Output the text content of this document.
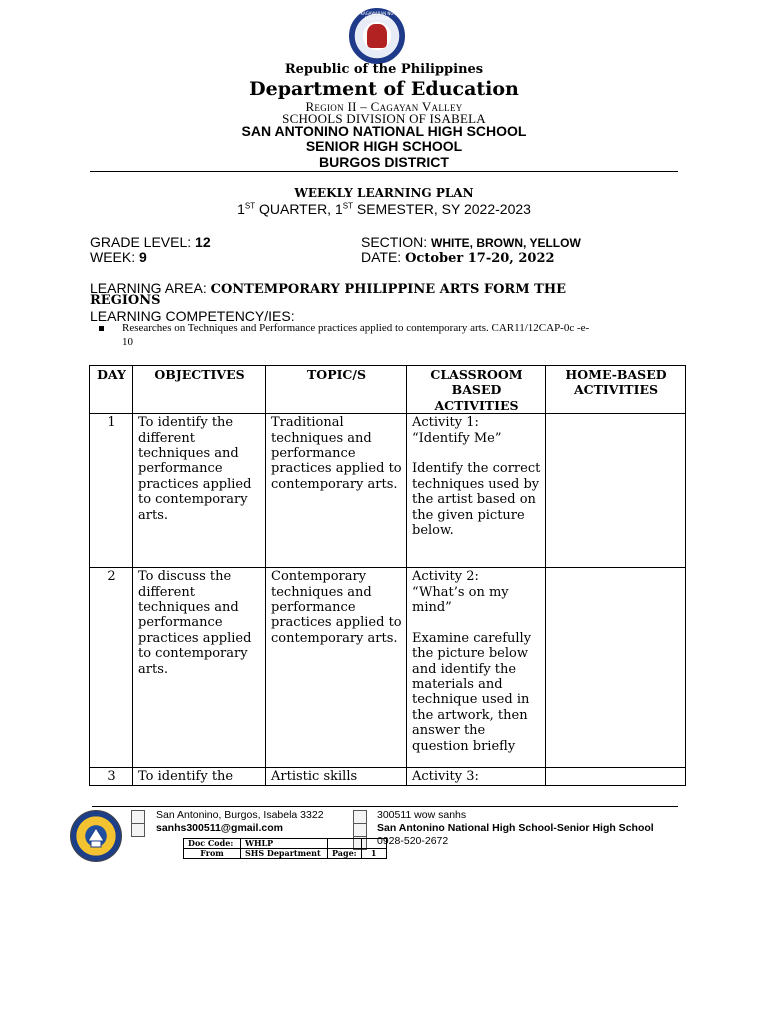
KAGAWARAN NG EDUKASYON
Republic of the Philippines
Department of Education
Region II – Cagayan Valley
SCHOOLS DIVISION OF ISABELA
SAN ANTONINO NATIONAL HIGH SCHOOL
SENIOR HIGH SCHOOL
BURGOS DISTRICT
WEEKLY LEARNING PLAN
1ST QUARTER, 1ST SEMESTER, SY 2022-2023
GRADE LEVEL: 12	SECTION: WHITE, BROWN, YELLOW
WEEK: 9	DATE: October 17-20, 2022
LEARNING AREA: CONTEMPORARY PHILIPPINE ARTS FORM THE
REGIONS
LEARNING COMPETENCY/IES:
Researches on Techniques and Performance practices applied to contemporary arts. CAR11/12CAP-0c -e-
10
DAY	OBJECTIVES	TOPIC/S	CLASSROOM BASED ACTIVITIES	HOME-BASED ACTIVITIES
1	To identify the different techniques and performance practices applied to contemporary arts.	Traditional techniques and performance practices applied to contemporary arts.	Activity 1:
“Identify Me”

Identify the correct techniques used by the artist based on the given picture below.	
2	To discuss the different techniques and performance practices applied to contemporary arts.	Contemporary techniques and performance practices applied to contemporary arts.	Activity 2:
“What’s on my mind”

Examine carefully the picture below and identify the materials and technique used in the artwork, then answer the question briefly	
3	To identify the	Artistic skills	Activity 3:	
San Antonino, Burgos, Isabela 3322
sanhs300511@gmail.com
300511 wow sanhs
San Antonino National High School-Senior High School
0928-520-2672
Doc Code:	WHLP		
From	SHS Department	Page:	1
